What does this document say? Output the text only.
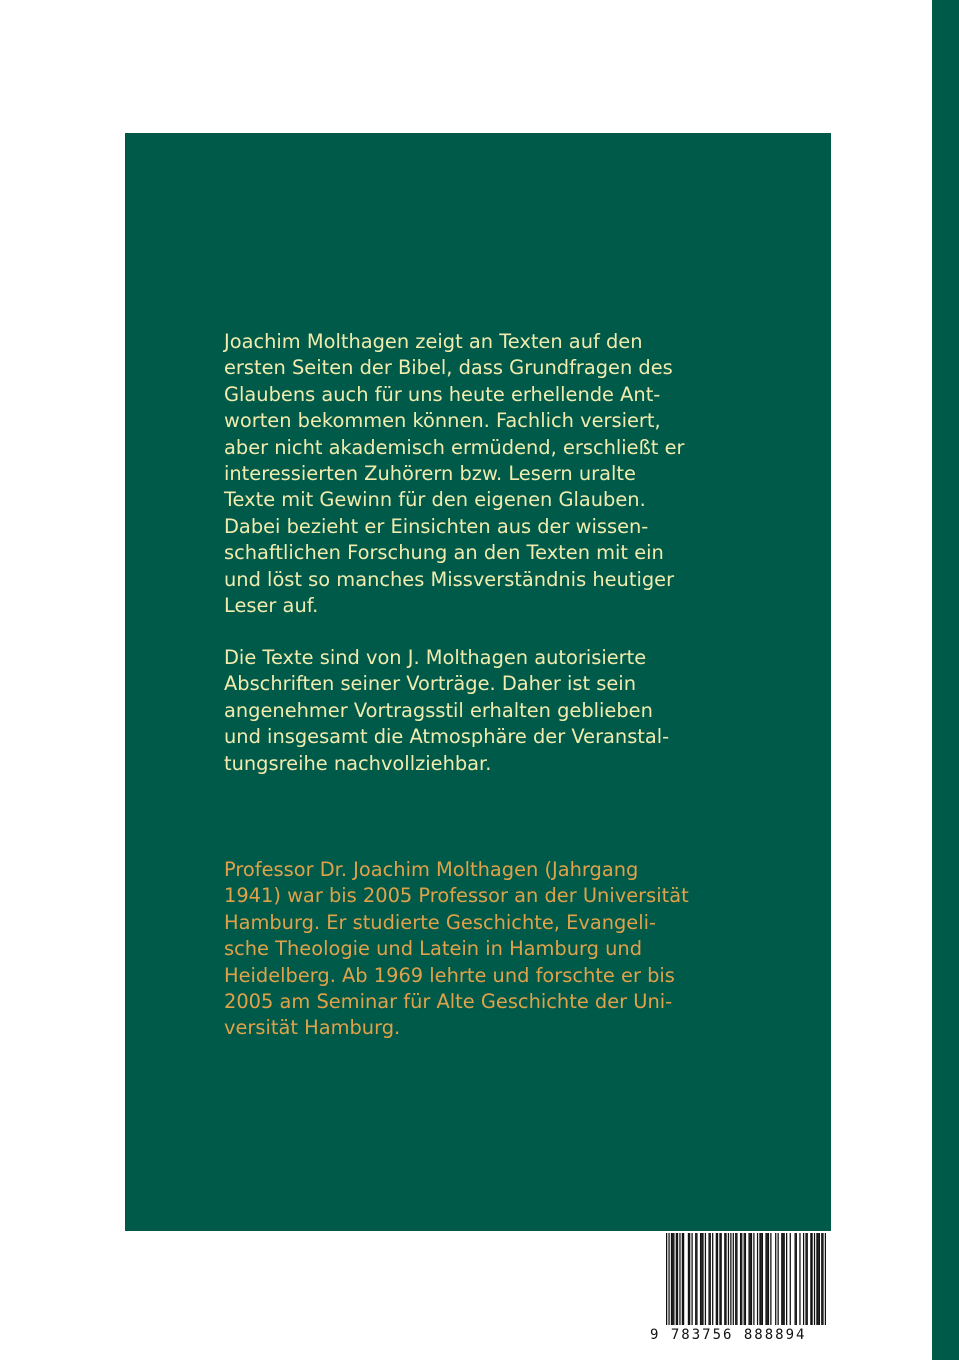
Joachim Molthagen zeigt an Texten auf den
ersten Seiten der Bibel, dass Grundfragen des
Glaubens auch für uns heute erhellende Ant-
worten bekommen können. Fachlich versiert,
aber nicht akademisch ermüdend, erschließt er
interessierten Zuhörern bzw. Lesern uralte
Texte mit Gewinn für den eigenen Glauben.
Dabei bezieht er Einsichten aus der wissen-
schaftlichen Forschung an den Texten mit ein
und löst so manches Missverständnis heutiger
Leser auf.
Die Texte sind von J. Molthagen autorisierte
Abschriften seiner Vorträge. Daher ist sein
angenehmer Vortragsstil erhalten geblieben
und insgesamt die Atmosphäre der Veranstal-
tungsreihe nachvollziehbar.
Professor Dr. Joachim Molthagen (Jahrgang
1941) war bis 2005 Professor an der Universität
Hamburg. Er studierte Geschichte, Evangeli-
sche Theologie und Latein in Hamburg und
Heidelberg. Ab 1969 lehrte und forschte er bis
2005 am Seminar für Alte Geschichte der Uni-
versität Hamburg.
9 783756 888894
